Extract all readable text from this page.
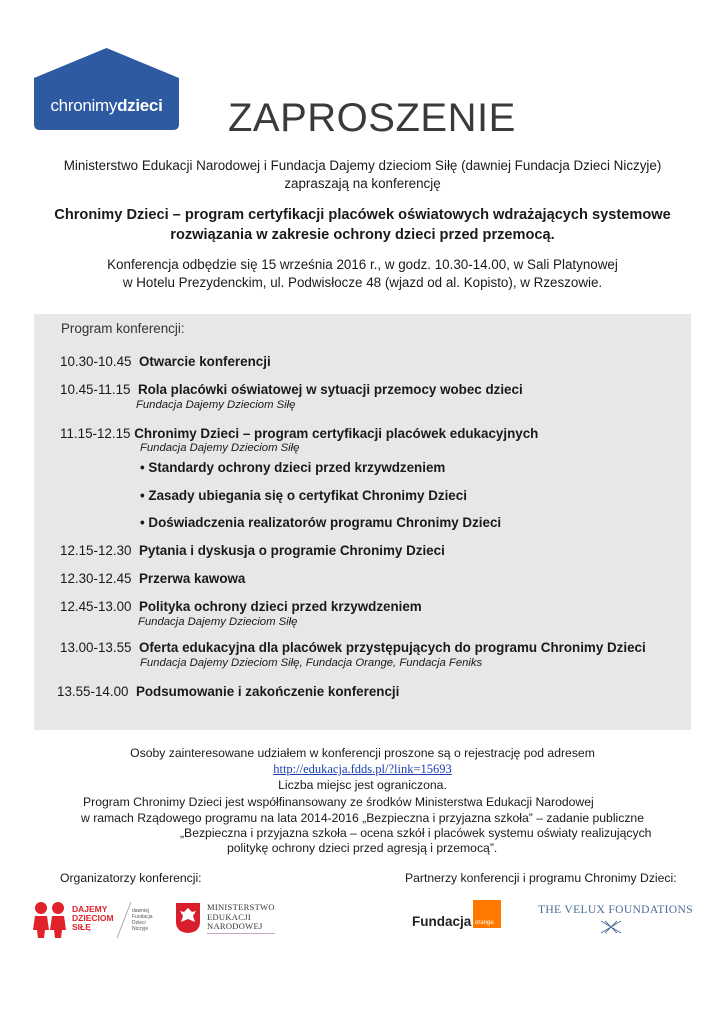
chronimydzieci	ZAPROSZENIE
Ministerstwo Edukacji Narodowej i Fundacja Dajemy dzieciom Siłę (dawniej Fundacja Dzieci Niczyje)
zapraszają na konferencję
Chronimy Dzieci – program certyfikacji placówek oświatowych wdrażających systemowe
rozwiązania w zakresie ochrony dzieci przed przemocą.
Konferencja odbędzie się 15 września 2016 r., w godz. 10.30-14.00, w Sali Platynowej
w Hotelu Prezydenckim, ul. Podwisłocze 48 (wjazd od al. Kopisto), w Rzeszowie.
Program konferencji:
10.30-10.45 Otwarcie konferencji
10.45-11.15 Rola placówki oświatowej w sytuacji przemocy wobec dzieci
Fundacja Dajemy Dzieciom Siłę
11.15-12.15 Chronimy Dzieci – program certyfikacji placówek edukacyjnych
Fundacja Dajemy Dzieciom Siłę
• Standardy ochrony dzieci przed krzywdzeniem
• Zasady ubiegania się o certyfikat Chronimy Dzieci
• Doświadczenia realizatorów programu Chronimy Dzieci
12.15-12.30 Pytania i dyskusja o programie Chronimy Dzieci
12.30-12.45 Przerwa kawowa
12.45-13.00 Polityka ochrony dzieci przed krzywdzeniem
Fundacja Dajemy Dzieciom Siłę
13.00-13.55 Oferta edukacyjna dla placówek przystępujących do programu Chronimy Dzieci
Fundacja Dajemy Dzieciom Siłę, Fundacja Orange, Fundacja Feniks
13.55-14.00 Podsumowanie i zakończenie konferencji
Osoby zainteresowane udziałem w konferencji proszone są o rejestrację pod adresem
http://edukacja.fdds.pl/?link=15693
Liczba miejsc jest ograniczona.
Program Chronimy Dzieci jest współfinansowany ze środków Ministerstwa Edukacji Narodowej
w ramach Rządowego programu na lata 2014-2016 „Bezpieczna i przyjazna szkoła” – zadanie publiczne
„Bezpieczna i przyjazna szkoła – ocena szkół i placówek systemu oświaty realizujących
politykę ochrony dzieci przed agresją i przemocą”.
Organizatorzy konferencji:	Partnerzy konferencji i programu Chronimy Dzieci:
DAJEMY DZIECIOM SIŁĘ
dawniej Fundacja Dzieci Niczyje
MINISTERSTWO
EDUKACJI
NARODOWEJ	Fundacja orange
THE VELUX FOUNDATIONS
